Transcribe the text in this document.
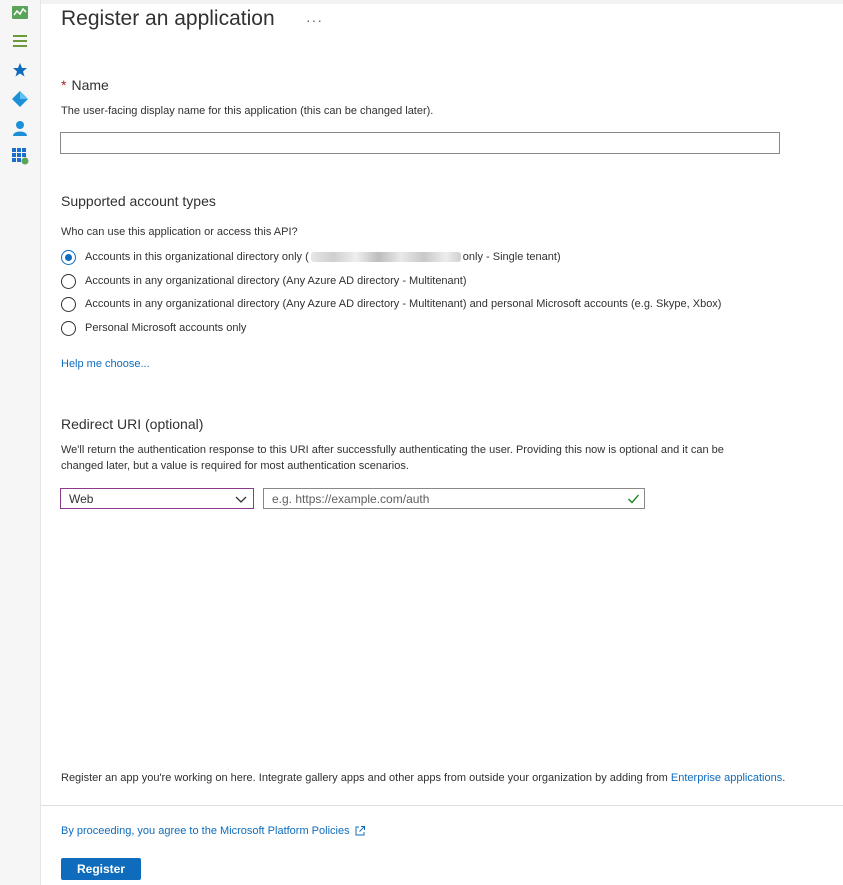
Register an application ···
* Name
The user-facing display name for this application (this can be changed later).
Supported account types
Who can use this application or access this API?
Accounts in this organizational directory only (	only - Single tenant)
Accounts in any organizational directory (Any Azure AD directory - Multitenant)
Accounts in any organizational directory (Any Azure AD directory - Multitenant) and personal Microsoft accounts (e.g. Skype, Xbox)
Personal Microsoft accounts only
Help me choose...
Redirect URI (optional)
We'll return the authentication response to this URI after successfully authenticating the user. Providing this now is optional and it can be
changed later, but a value is required for most authentication scenarios.
Web
e.g. https://example.com/auth
Register an app you're working on here. Integrate gallery apps and other apps from outside your organization by adding from Enterprise applications.
By proceeding, you agree to the Microsoft Platform Policies
Register
